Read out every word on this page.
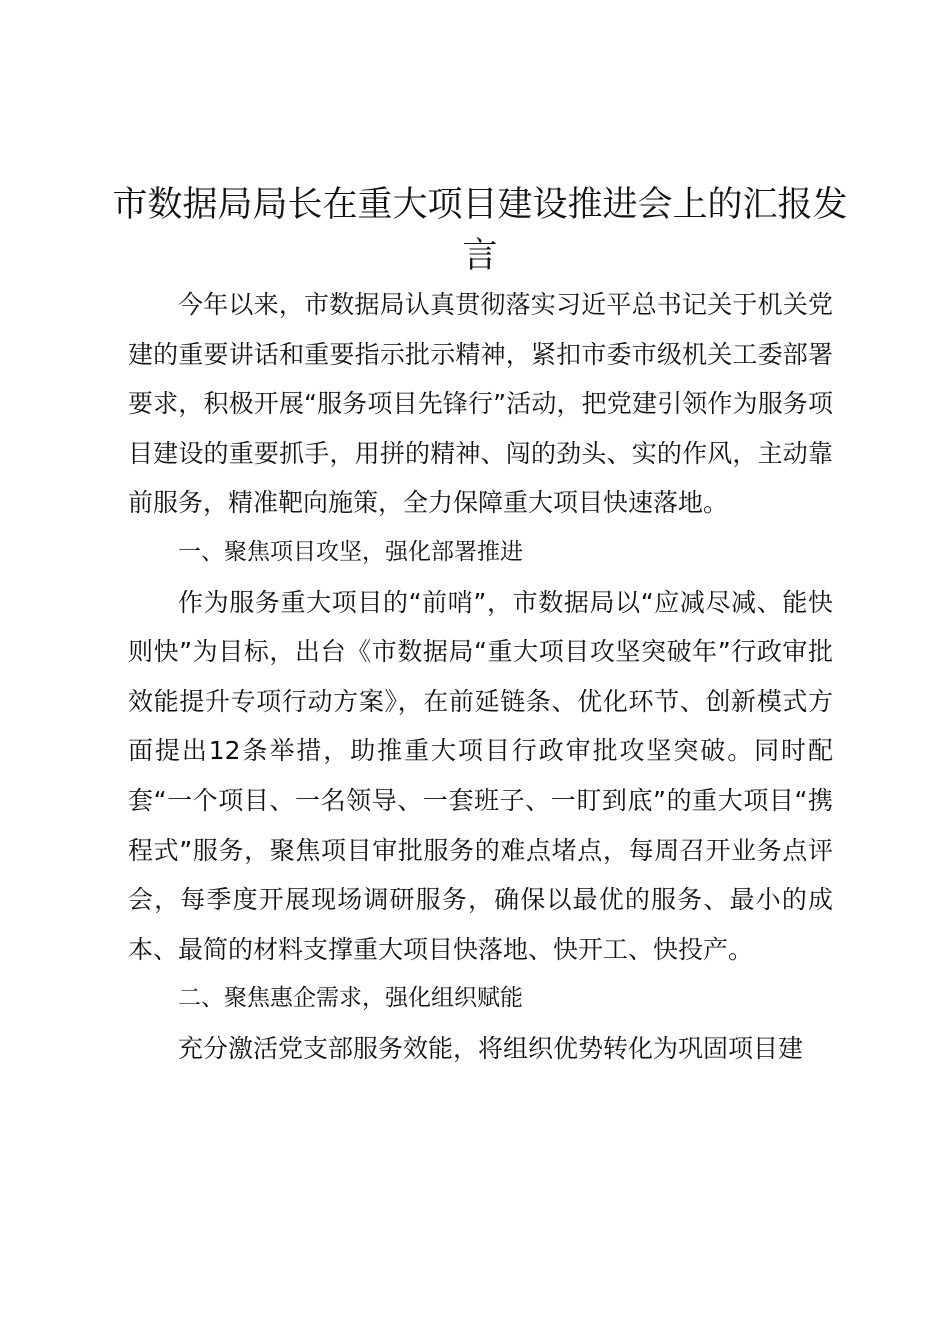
市数据局局长在重大项目建设推进会上的汇报发言

今年以来，市数据局认真贯彻落实习近平总书记关于机关党建的重要讲话和重要指示批示精神，紧扣市委市级机关工委部署要求，积极开展“服务项目先锋行”活动，把党建引领作为服务项目建设的重要抓手，用拼的精神、闯的劲头、实的作风，主动靠前服务，精准靶向施策，全力保障重大项目快速落地。

一、聚焦项目攻坚，强化部署推进

作为服务重大项目的“前哨”，市数据局以“应减尽减、能快则快”为目标，出台《市数据局“重大项目攻坚突破年”行政审批效能提升专项行动方案》，在前延链条、优化环节、创新模式方面提出12条举措，助推重大项目行政审批攻坚突破。同时配套“一个项目、一名领导、一套班子、一盯到底”的重大项目“携程式”服务，聚焦项目审批服务的难点堵点，每周召开业务点评会，每季度开展现场调研服务，确保以最优的服务、最小的成本、最简的材料支撑重大项目快落地、快开工、快投产。

二、聚焦惠企需求，强化组织赋能

充分激活党支部服务效能，将组织优势转化为巩固项目建
